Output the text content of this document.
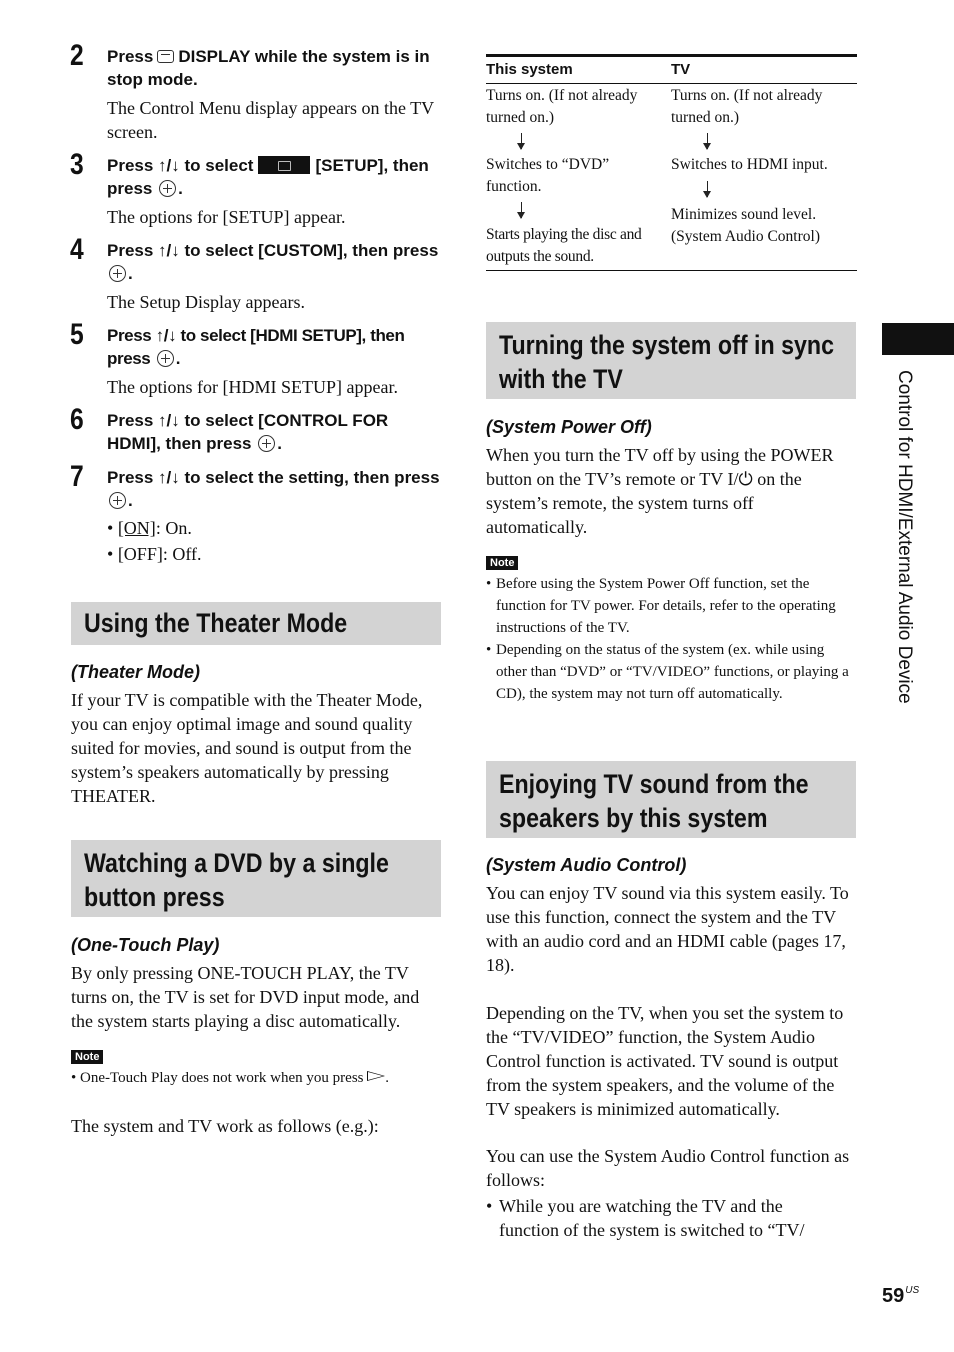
2 Press DISPLAY while the system is in stop mode.
The Control Menu display appears on the TV screen.
3 Press ↑/↓ to select	[SETUP], then press .
The options for [SETUP] appear.
4 Press ↑/↓ to select [CUSTOM], then press .
The Setup Display appears.
5 Press ↑/↓ to select [HDMI SETUP], then press .
The options for [HDMI SETUP] appear.
6 Press ↑/↓ to select [CONTROL FOR HDMI], then press .
7 Press ↑/↓ to select the setting, then press .
• [ON]: On.
• [OFF]: Off.
Using the Theater Mode
(Theater Mode)
If your TV is compatible with the Theater Mode, you can enjoy optimal image and sound quality suited for movies, and sound is output from the system’s speakers automatically by pressing THEATER.
Watching a DVD by a single
button press
(One-Touch Play)
By only pressing ONE-TOUCH PLAY, the TV turns on, the TV is set for DVD input mode, and the system starts playing a disc automatically.
Note
• One-Touch Play does not work when you press .
The system and TV work as follows (e.g.):
This system	TV
Turns on. (If not already turned on.)
Switches to “DVD” function.
Starts playing the disc and outputs the sound.
Turns on. (If not already turned on.)
Switches to HDMI input.
Minimizes sound level. (System Audio Control)
Turning the system off in sync
with the TV
(System Power Off)
When you turn the TV off by using the POWER button on the TV’s remote or TV I/⏻ on the system’s remote, the system turns off automatically.
Note
• Before using the System Power Off function, set the function for TV power. For details, refer to the operating instructions of the TV.
• Depending on the status of the system (ex. while using other than “DVD” or “TV/VIDEO” functions, or playing a CD), the system may not turn off automatically.
Enjoying TV sound from the
speakers by this system
(System Audio Control)
You can enjoy TV sound via this system easily. To use this function, connect the system and the TV with an audio cord and an HDMI cable (pages 17, 18).
Depending on the TV, when you set the system to the “TV/VIDEO” function, the System Audio Control function is activated. TV sound is output from the system speakers, and the volume of the TV speakers is minimized automatically.
You can use the System Audio Control function as follows:
• While you are watching the TV and the function of the system is switched to “TV/
Control for HDMI/External Audio Device
$59^{US}$
